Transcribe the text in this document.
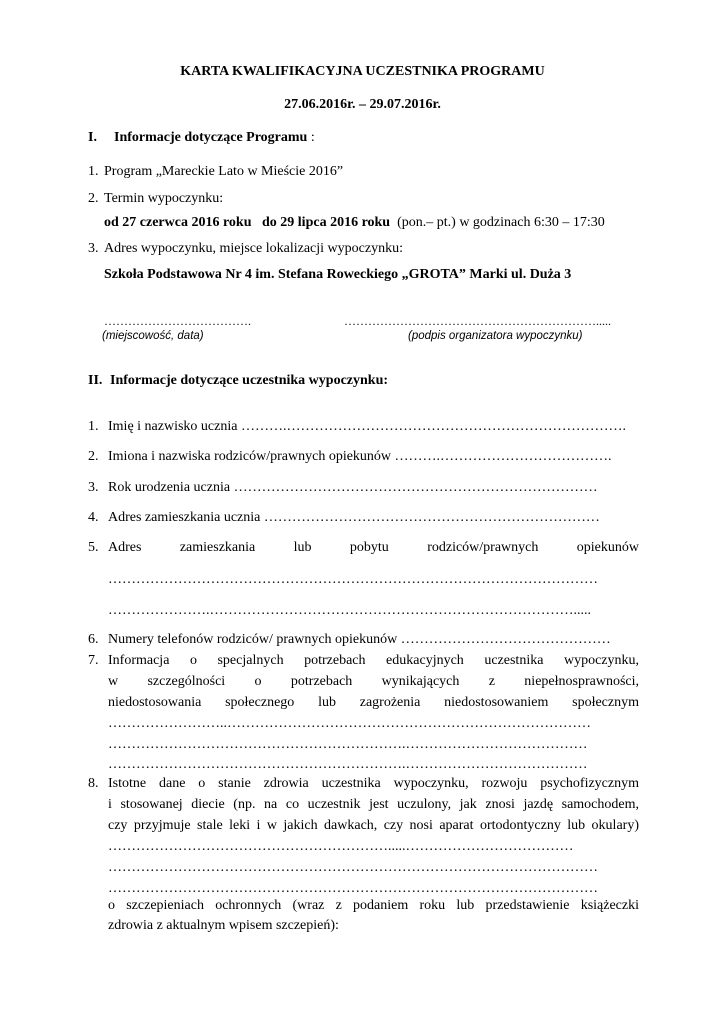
KARTA KWALIFIKACYJNA UCZESTNIKA PROGRAMU
27.06.2016r. – 29.07.2016r.
I. Informacje dotyczące Programu :
1. Program „Mareckie Lato w Mieście 2016”
2. Termin wypoczynku:
od 27 czerwca 2016 roku   do 29 lipca 2016 roku  (pon.– pt.) w godzinach 6:30 – 17:30
3. Adres wypoczynku, miejsce lokalizacji wypoczynku:
Szkoła Podstawowa Nr 4 im. Stefana Roweckiego „GROTA” Marki ul. Duża 3
……………………………….	……………………………………………………….....
(miejscowość, data)	(podpis organizatora wypoczynku)
II. Informacje dotyczące uczestnika wypoczynku:
1. Imię i nazwisko ucznia ……….……………………………………………………………….
2. Imiona i nazwiska rodziców/prawnych opiekunów ……….……………………………….
3. Rok urodzenia ucznia ……………………………………………………………………
4. Adres zamieszkania ucznia ………………………………………………………………
5. Adres zamieszkania lub pobytu rodziców/prawnych opiekunów
……………………………………………………………………………………………
………………….…………………………………………………………………….....
6. Numery telefonów rodziców/ prawnych opiekunów ………………………………………
7. Informacja o specjalnych potrzebach edukacyjnych uczestnika wypoczynku,
w szczególności o potrzebach wynikających z niepełnosprawności,
niedostosowania społecznego lub zagrożenia niedostosowaniem społecznym
……………………..……………………………………………………………………
……………………………………………………….…………………………………
……………………………………………………….…………………………………
8. Istotne dane o stanie zdrowia uczestnika wypoczynku, rozwoju psychofizycznym
i stosowanej diecie (np. na co uczestnik jest uczulony, jak znosi jazdę samochodem,
czy przyjmuje stale leki i w jakich dawkach, czy nosi aparat ortodontyczny lub okulary)
…………………………………………………….....………………………………
……………………………………………………………………………………………
……………………………………………………………………………………………
o szczepieniach ochronnych (wraz z podaniem roku lub przedstawienie książeczki
zdrowia z aktualnym wpisem szczepień):
